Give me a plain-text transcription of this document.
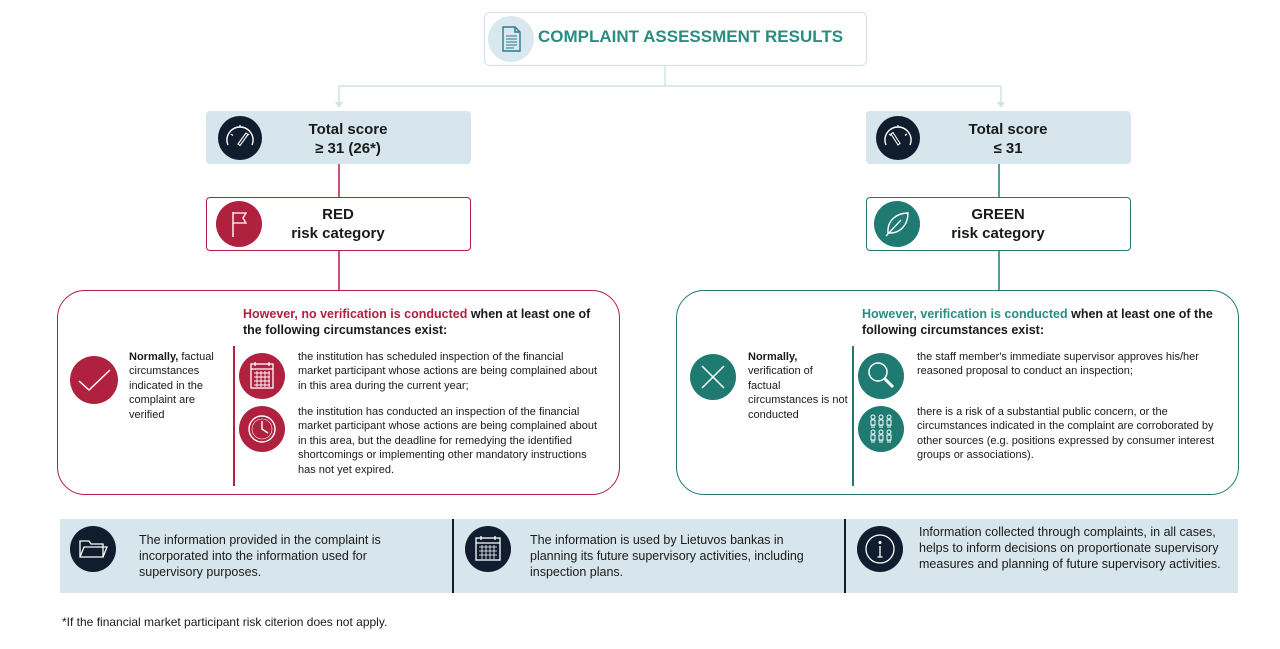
COMPLAINT ASSESSMENT RESULTS
Total score
≥ 31 (26*)
Total score
≤ 31
RED
risk category
GREEN
risk category
However, no verification is conducted when at least one of the following circumstances exist:
Normally, factual circumstances indicated in the complaint are verified
the institution has scheduled inspection of the financial market participant whose actions are being complained about in this area during the current year;
the institution has conducted an inspection of the financial market participant whose actions are being complained about in this area, but the deadline for remedying the identified shortcomings or implementing other mandatory instructions has not yet expired.
However, verification is conducted when at least one of the following circumstances exist:
Normally, verification of factual circumstances is not conducted
the staff member's immediate supervisor approves his/her reasoned proposal to conduct an inspection;
there is a risk of a substantial public concern, or the circumstances indicated in the complaint are corroborated by other sources (e.g. positions expressed by consumer interest groups or associations).
The information provided in the complaint is incorporated into the information used for supervisory purposes.
The information is used by Lietuvos bankas in planning its future supervisory activities, including inspection plans.
Information collected through complaints, in all cases, helps to inform decisions on proportionate supervisory measures and planning of future supervisory activities.
*If the financial market participant risk citerion does not apply.
